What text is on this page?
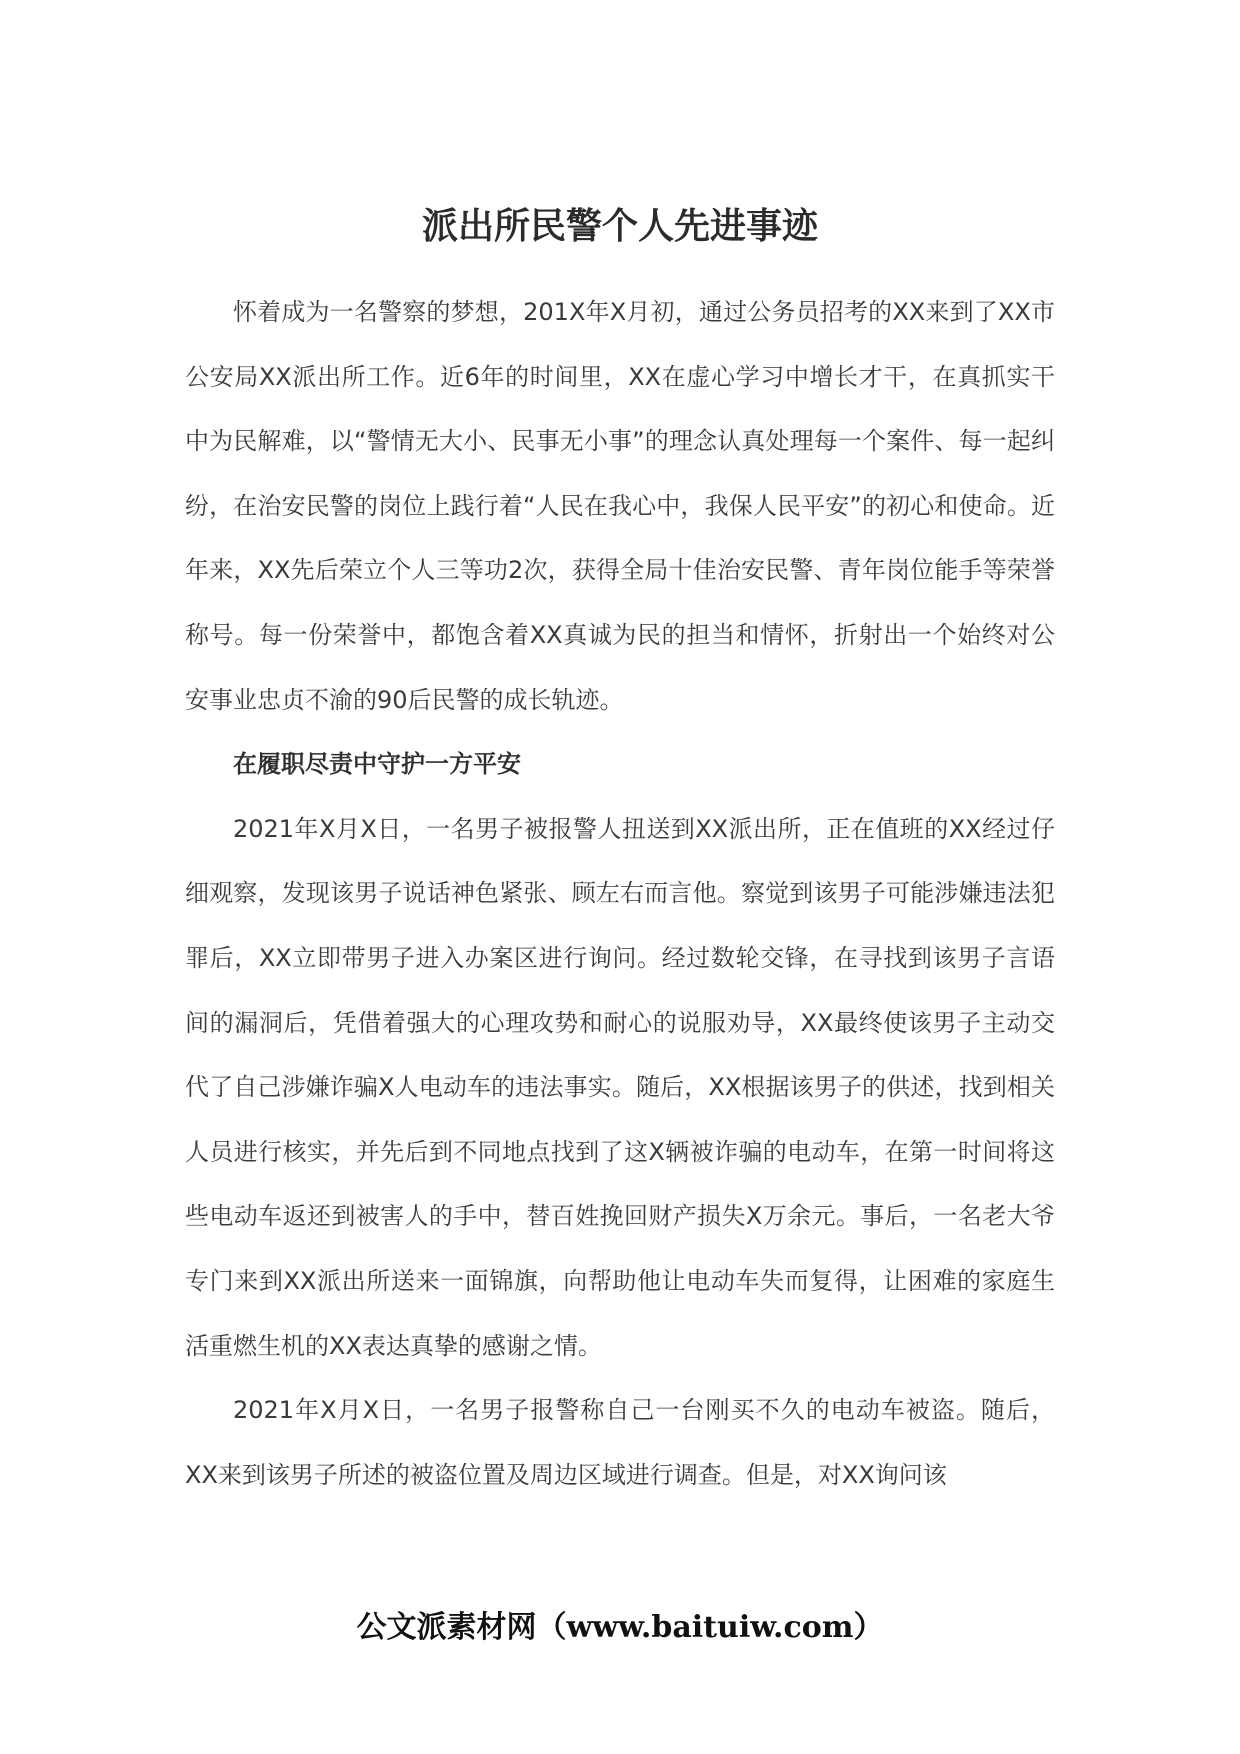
派出所民警个人先进事迹

怀着成为一名警察的梦想，201X年X月初，通过公务员招考的XX来到了XX市公安局XX派出所工作。近6年的时间里，XX在虚心学习中增长才干，在真抓实干中为民解难，以“警情无大小、民事无小事”的理念认真处理每一个案件、每一起纠纷，在治安民警的岗位上践行着“人民在我心中，我保人民平安”的初心和使命。近年来，XX先后荣立个人三等功2次，获得全局十佳治安民警、青年岗位能手等荣誉称号。每一份荣誉中，都饱含着XX真诚为民的担当和情怀，折射出一个始终对公安事业忠贞不渝的90后民警的成长轨迹。

在履职尽责中守护一方平安

2021年X月X日，一名男子被报警人扭送到XX派出所，正在值班的XX经过仔细观察，发现该男子说话神色紧张、顾左右而言他。察觉到该男子可能涉嫌违法犯罪后，XX立即带男子进入办案区进行询问。经过数轮交锋，在寻找到该男子言语间的漏洞后，凭借着强大的心理攻势和耐心的说服劝导，XX最终使该男子主动交代了自己涉嫌诈骗X人电动车的违法事实。随后，XX根据该男子的供述，找到相关人员进行核实，并先后到不同地点找到了这X辆被诈骗的电动车，在第一时间将这些电动车返还到被害人的手中，替百姓挽回财产损失X万余元。事后，一名老大爷专门来到XX派出所送来一面锦旗，向帮助他让电动车失而复得，让困难的家庭生活重燃生机的XX表达真挚的感谢之情。

2021年X月X日，一名男子报警称自己一台刚买不久的电动车被盗。随后，XX来到该男子所述的被盗位置及周边区域进行调查。但是，对XX询问该

公文派素材网（www.baituiw.com）
